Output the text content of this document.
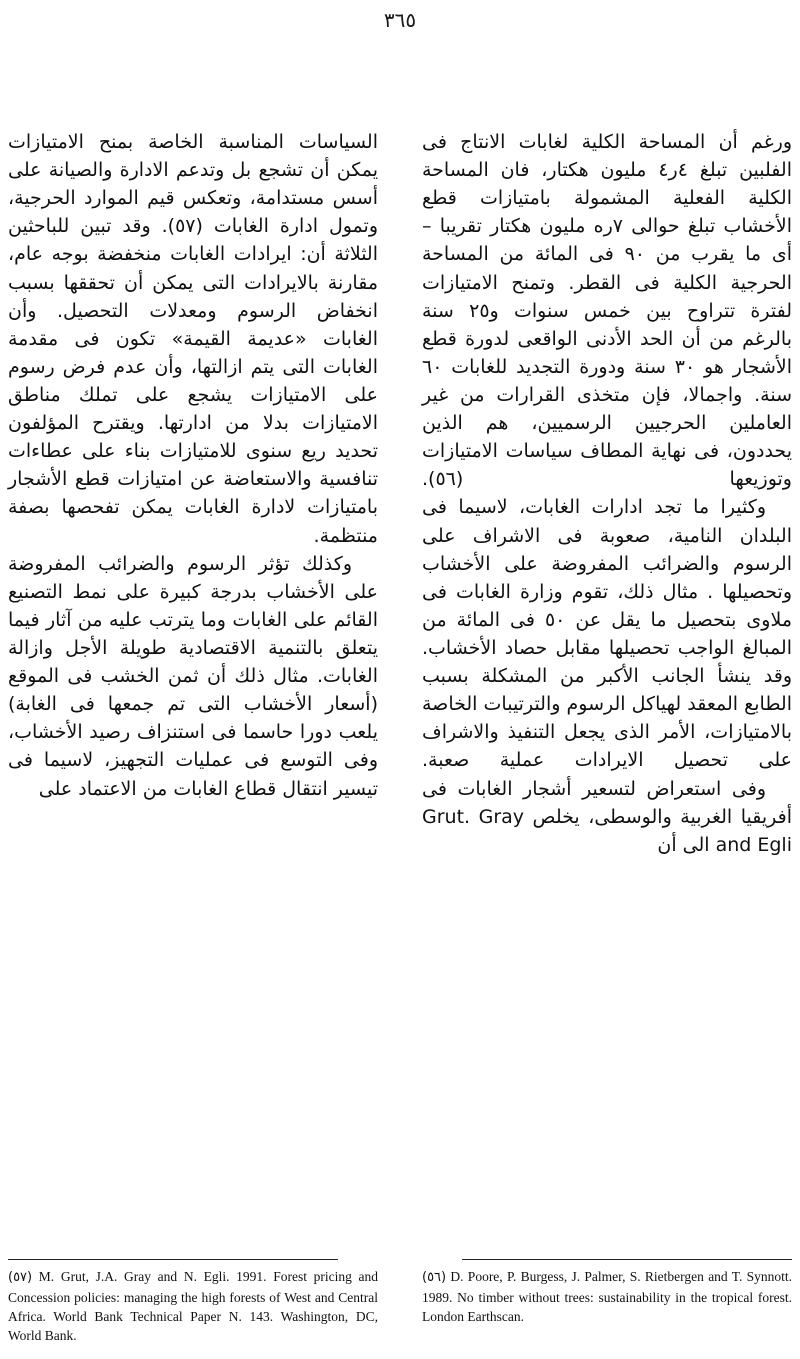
٣٦٥

ورغم أن المساحة الكلية لغابات الانتاج فى الفلبين تبلغ ٤ر٤ مليون هكتار، فان المساحة الكلية الفعلية المشمولة بامتيازات قطع الأخشاب تبلغ حوالى ٧ره مليون هكتار تقريبا – أى ما يقرب من ٩٠ فى المائة من المساحة الحرجية الكلية فى القطر. وتمنح الامتيازات لفترة تتراوح بين خمس سنوات و٢٥ سنة بالرغم من أن الحد الأدنى الواقعى لدورة قطع الأشجار هو ٣٠ سنة ودورة التجديد للغابات ٦٠ سنة. واجمالا، فإن متخذى القرارات من غير العاملين الحرجيين الرسميين، هم الذين يحددون، فى نهاية المطاف سياسات الامتيازات وتوزيعها (٥٦).

وكثيرا ما تجد ادارات الغابات، لاسيما فى البلدان النامية، صعوبة فى الاشراف على الرسوم والضرائب المفروضة على الأخشاب وتحصيلها . مثال ذلك، تقوم وزارة الغابات فى ملاوى بتحصيل ما يقل عن ٥٠ فى المائة من المبالغ الواجب تحصيلها مقابل حصاد الأخشاب. وقد ينشأ الجانب الأكبر من المشكلة بسبب الطابع المعقد لهياكل الرسوم والترتيبات الخاصة بالامتيازات، الأمر الذى يجعل التنفيذ والاشراف على تحصيل الايرادات عملية صعبة.

وفى استعراض لتسعير أشجار الغابات فى أفريقيا الغربية والوسطى، يخلص Grut. Gray and Egli الى أن

السياسات المناسبة الخاصة بمنح الامتيازات يمكن أن تشجع بل وتدعم الادارة والصيانة على أسس مستدامة، وتعكس قيم الموارد الحرجية، وتمول ادارة الغابات (٥٧). وقد تبين للباحثين الثلاثة أن: ايرادات الغابات منخفضة بوجه عام، مقارنة بالايرادات التى يمكن أن تحققها بسبب انخفاض الرسوم ومعدلات التحصيل. وأن الغابات «عديمة القيمة» تكون فى مقدمة الغابات التى يتم ازالتها، وأن عدم فرض رسوم على الامتيازات يشجع على تملك مناطق الامتيازات بدلا من ادارتها. ويقترح المؤلفون تحديد ريع سنوى للامتيازات بناء على عطاءات تنافسية والاستعاضة عن امتيازات قطع الأشجار بامتيازات لادارة الغابات يمكن تفحصها بصفة منتظمة.

وكذلك تؤثر الرسوم والضرائب المفروضة على الأخشاب بدرجة كبيرة على نمط التصنيع القائم على الغابات وما يترتب عليه من آثار فيما يتعلق بالتنمية الاقتصادية طويلة الأجل وازالة الغابات. مثال ذلك أن ثمن الخشب فى الموقع (أسعار الأخشاب التى تم جمعها فى الغابة) يلعب دورا حاسما فى استنزاف رصيد الأخشاب، وفى التوسع فى عمليات التجهيز، لاسيما فى تيسير انتقال قطاع الغابات من الاعتماد على

(٥٦) D. Poore, P. Burgess, J. Palmer, S. Rietbergen and T. Synnott. 1989. No timber without trees: sustainability in the tropical forest. London Earthscan.
(٥٧) M. Grut, J.A. Gray and N. Egli. 1991. Forest pricing and Concession policies: managing the high forests of West and Central Africa. World Bank Technical Paper N. 143. Washington, DC, World Bank.
